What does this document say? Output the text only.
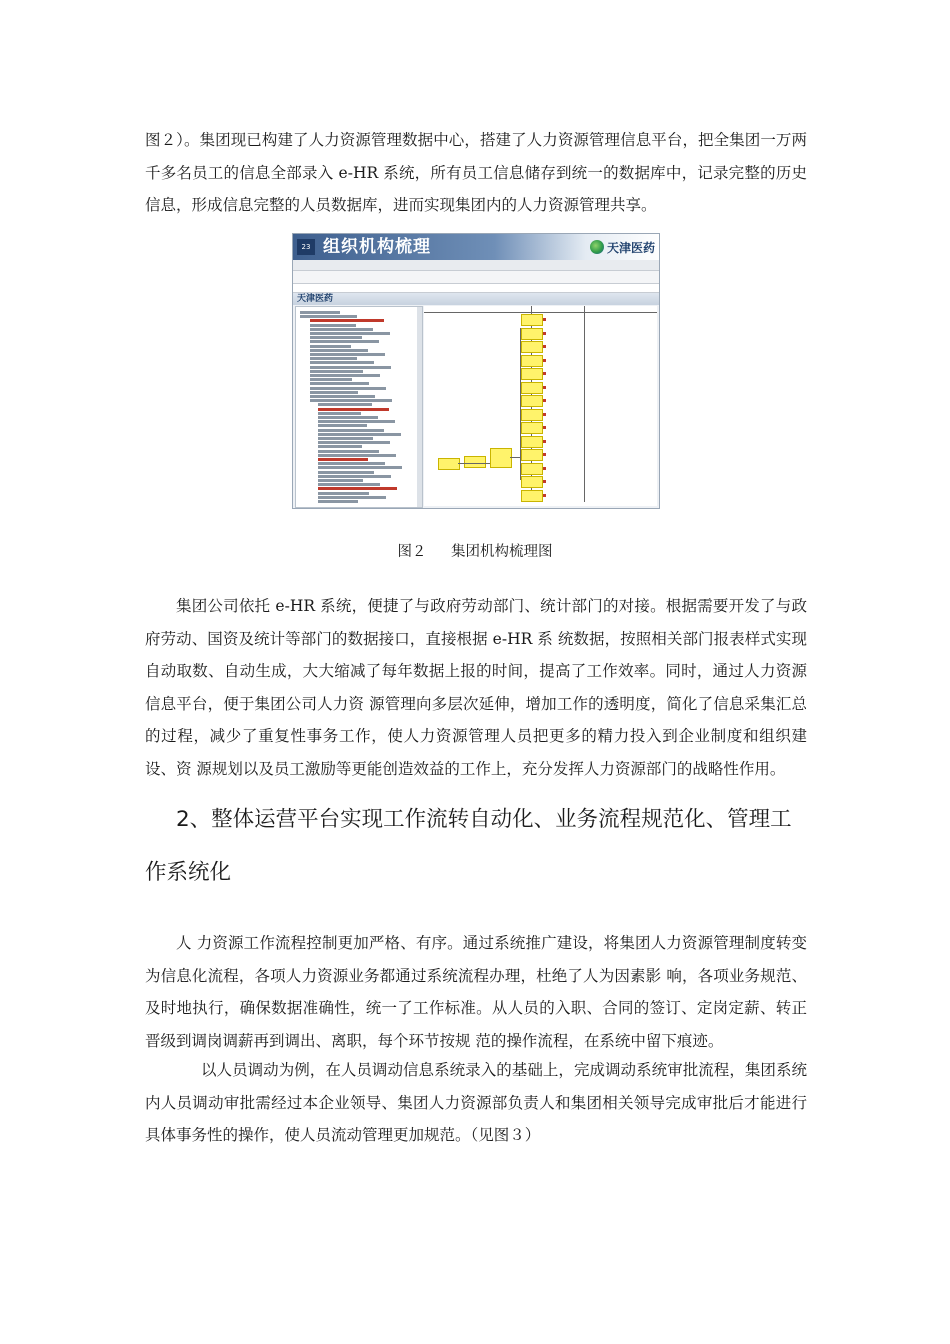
图２）。集团现已构建了人力资源管理数据中心，搭建了人力资源管理信息平台，把全集团一万两千多名员工的信息全部录入 e-HR 系统，所有员工信息储存到统一的数据库中，记录完整的历史信息，形成信息完整的人员数据库，进而实现集团内的人力资源管理共享。

23 组织机构梳理	天津医药
天津医药
图２ 集团机构梳理图

集团公司依托 e-HR 系统，便捷了与政府劳动部门、统计部门的对接。根据需要开发了与政府劳动、国资及统计等部门的数据接口，直接根据 e-HR 系 统数据，按照相关部门报表样式实现自动取数、自动生成，大大缩减了每年数据上报的时间，提高了工作效率。同时，通过人力资源信息平台，便于集团公司人力资 源管理向多层次延伸，增加工作的透明度，简化了信息采集汇总的过程，减少了重复性事务工作，使人力资源管理人员把更多的精力投入到企业制度和组织建设、资 源规划以及员工激励等更能创造效益的工作上，充分发挥人力资源部门的战略性作用。

2、整体运营平台实现工作流转自动化、业务流程规范化、管理工作系统化

人 力资源工作流程控制更加严格、有序。通过系统推广建设，将集团人力资源管理制度转变为信息化流程，各项人力资源业务都通过系统流程办理，杜绝了人为因素影 响，各项业务规范、及时地执行，确保数据准确性，统一了工作标准。从人员的入职、合同的签订、定岗定薪、转正晋级到调岗调薪再到调出、离职，每个环节按规 范的操作流程，在系统中留下痕迹。

以人员调动为例，在人员调动信息系统录入的基础上，完成调动系统审批流程，集团系统内人员调动审批需经过本企业领导、集团人力资源部负责人和集团相关领导完成审批后才能进行具体事务性的操作，使人员流动管理更加规范。（见图３）
